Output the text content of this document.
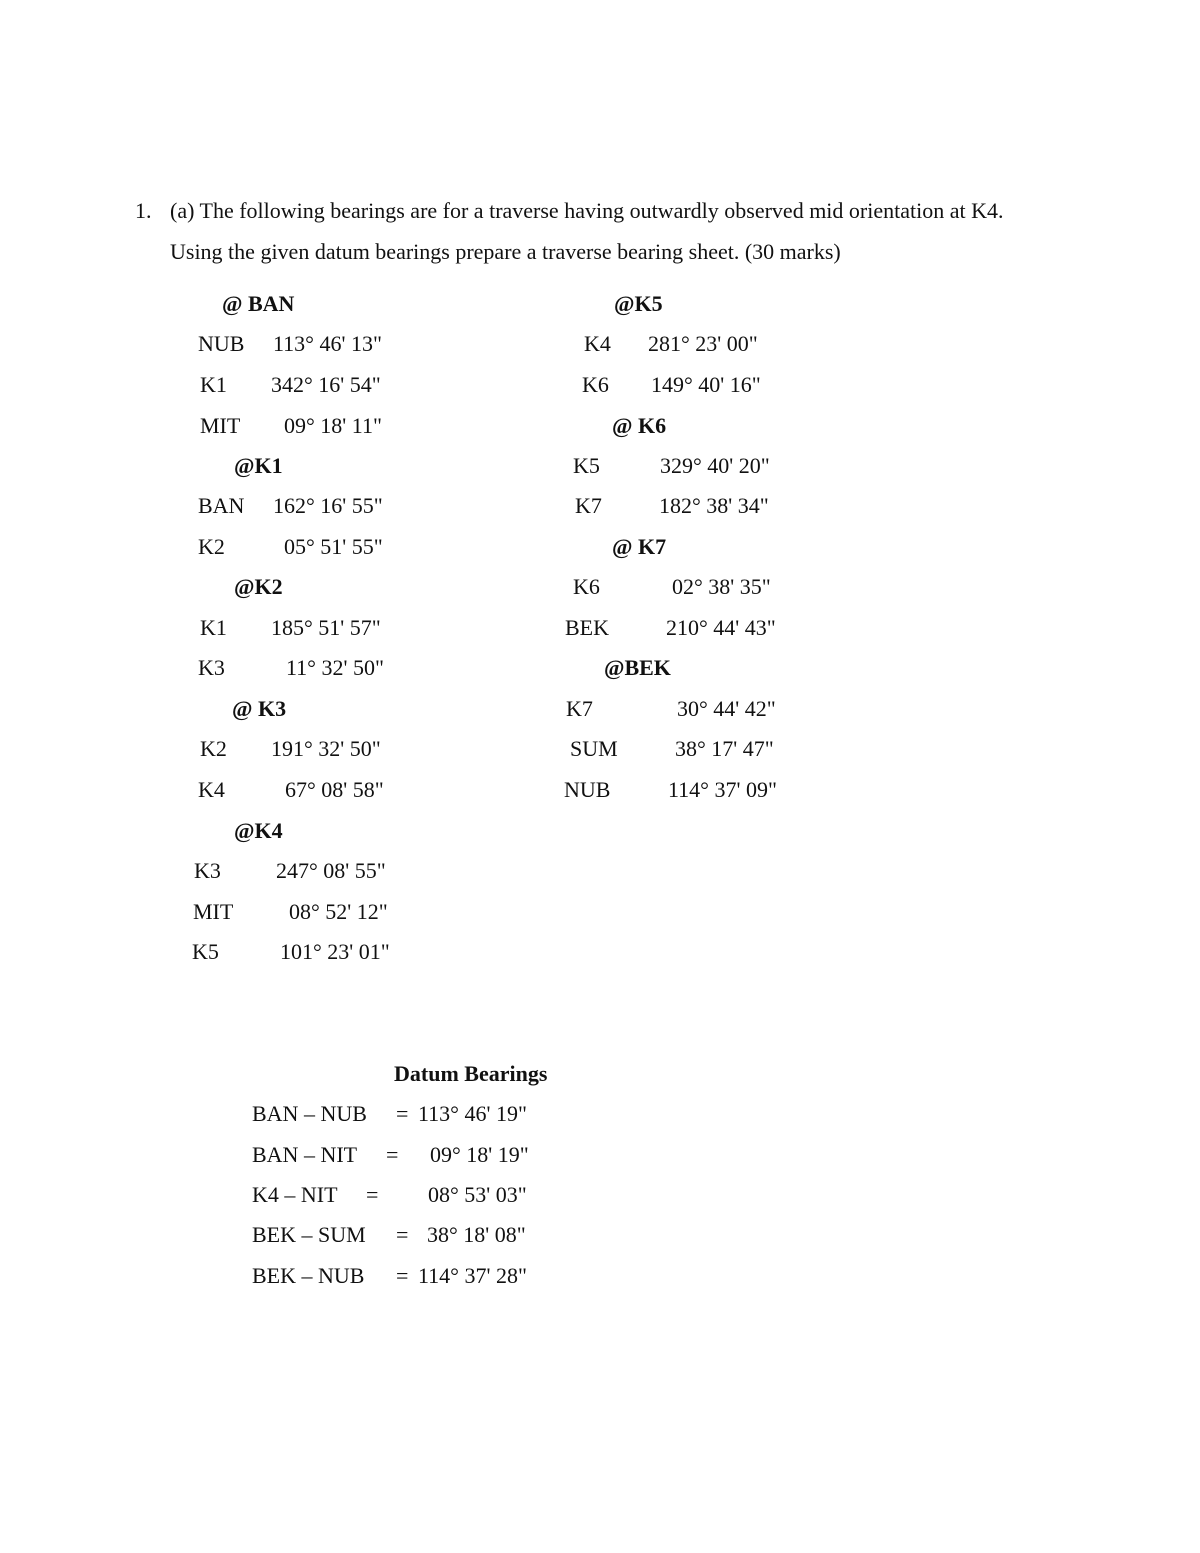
1. (a) The following bearings are for a traverse having outwardly observed mid orientation at K4.
Using the given datum bearings prepare a traverse bearing sheet. (30 marks)
@ BAN
NUB 113° 46' 13"
K1 342° 16' 54"
MIT 09° 18' 11"
@K1
BAN 162° 16' 55"
K2	05° 51' 55"
@K2
K1 185° 51' 57"
K3	11° 32' 50"
@ K3
K2 191° 32' 50"
K4	67° 08' 58"
@K4
K3	247° 08' 55"
MIT	08° 52' 12"
K5	101° 23' 01"
@K5
K4 281° 23' 00"
K6 149° 40' 16"
@ K6
K5	329° 40' 20"
K7	182° 38' 34"
@ K7
K6	02° 38' 35"
BEK	210° 44' 43"
@BEK
K7	30° 44' 42"
SUM	38° 17' 47"
NUB	114° 37' 09"
Datum Bearings
BAN – NUB = 113° 46' 19"
BAN – NIT = 09° 18' 19"
K4 – NIT = 08° 53' 03"
BEK – SUM = 38° 18' 08"
BEK – NUB = 114° 37' 28"
